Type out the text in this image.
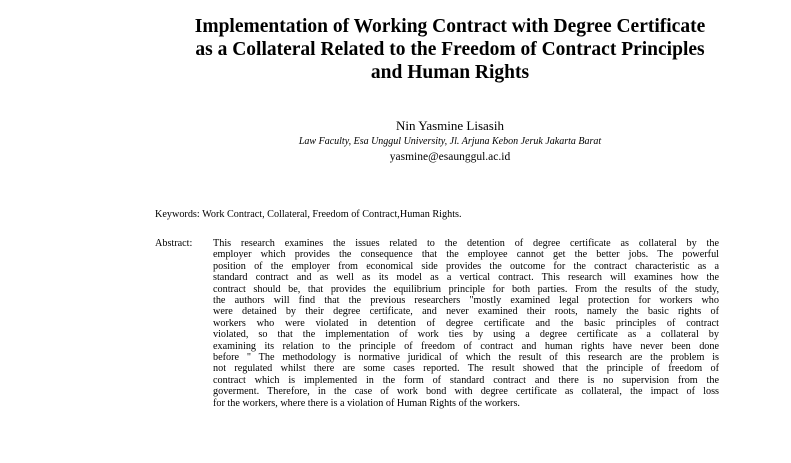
Implementation of Working Contract with Degree Certificate
as a Collateral Related to the Freedom of Contract Principles
and Human Rights
Nin Yasmine Lisasih
Law Faculty, Esa Unggul University, Jl. Arjuna Kebon Jeruk Jakarta Barat
yasmine@esaunggul.ac.id
Keywords: Work Contract, Collateral, Freedom of Contract,Human Rights.
Abstract: This research examines the issues related to the detention of degree certificate as collateral by the
employer which provides the consequence that the employee cannot get the better jobs. The powerful
position of the employer from economical side provides the outcome for the contract characteristic as a
standard contract and as well as its model as a vertical contract. This research will examines how the
contract should be, that provides the equilibrium principle for both parties. From the results of the study,
the authors will find that the previous researchers "mostly examined legal protection for workers who
were detained by their degree certificate, and never examined their roots, namely the basic rights of
workers who were violated in detention of degree certificate and the basic principles of contract
violated, so that the implementation of work ties by using a degree certificate as a collateral by
examining its relation to the principle of freedom of contract and human rights have never been done
before " The methodology is normative juridical of which the result of this research are the problem is
not regulated whilst there are some cases reported. The result showed that the principle of freedom of
contract which is implemented in the form of standard contract and there is no supervision from the
goverment. Therefore, in the case of work bond with degree certificate as collateral, the impact of loss
for the workers, where there is a violation of Human Rights of the workers.
